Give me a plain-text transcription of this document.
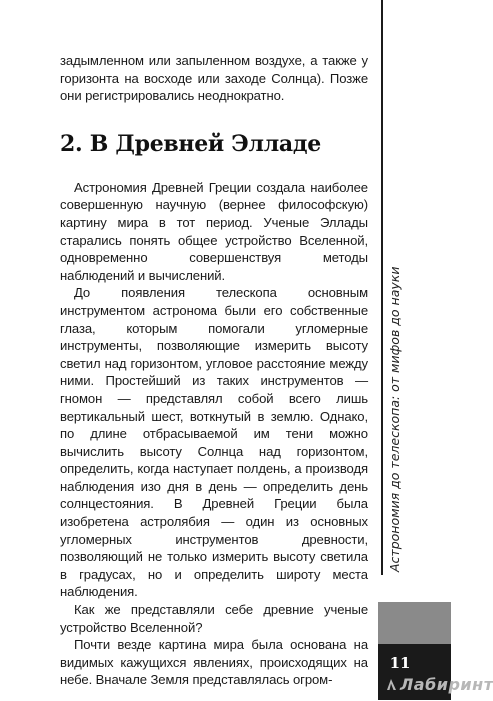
задымленном или запыленном воздухе, а также у горизонта на восходе или заходе Солнца). Позже они регистрировались неоднократно.

2. В Древней Элладе

Астрономия Древней Греции создала наиболее совершенную научную (вернее философскую) картину мира в тот период. Ученые Эллады старались понять общее устройство Вселенной, одновременно совершенствуя методы наблюдений и вычислений.

До появления телескопа основным инструментом астронома были его собственные глаза, которым помогали угломерные инструменты, позволяющие измерить высоту светил над горизонтом, угловое расстояние между ними. Простейший из таких инструментов — гномон — представлял собой всего лишь вертикальный шест, воткнутый в землю. Однако, по длине отбрасываемой им тени можно вычислить высоту Солнца над горизонтом, определить, когда наступает полдень, а производя наблюдения изо дня в день — определить день солнцестояния. В Древней Греции была изобретена астролябия — один из основных угломерных инструментов древности, позволяющий не только измерить высоту светила в градусах, но и определить широту места наблюдения.

Как же представляли себе древние ученые устройство Вселенной?

Почти везде картина мира была основана на видимых кажущихся явлениях, происходящих на небе. Вначале Земля представлялась огром-

Астрономия до телескопа: от мифов до науки
11
Лабиринт
